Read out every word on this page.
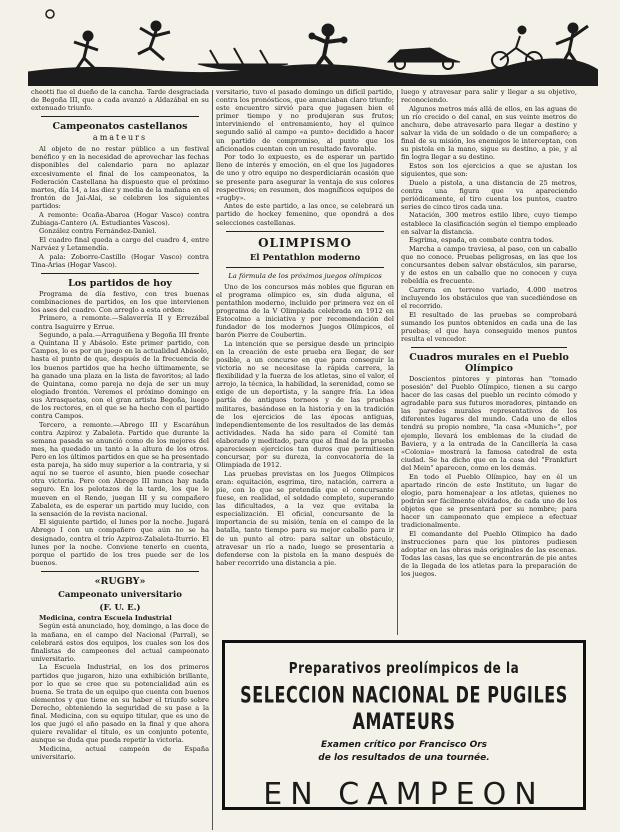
cheotti fue el dueño de la cancha. Tarde desgraciada de Begoña III, que a cada avanzó a Aldazábal en su extenuado triunfo.

Campeonatos castellanos
amateurs

Al objeto de no restar público a un festival benéfico y en la necesidad de aprovechar las fechas disponibles del calendario para no aplazar excesivamente el final de los campeonatos, la Federación Castellana ha dispuesto que el próximo martes, día 14, a las diez y media de la mañana en el frontón de Jai-Alai, se celebren los siguientes partidos:

A remonte: Ocaña-Abaroa (Hogar Vasco) contra Zubiaga-Cantero (A. Estudiantes Vascos).

González contra Fernández-Daniel.

El cuadro final queda a cargo del cuadro 4, entre Narváez y Letamendía.

A pala: Zoborre-Castillo (Hogar Vasco) contra Tina-Arias (Hogar Vasco).

Los partidos de hoy

Programa de día festivo, con tres buenas combinaciones de partidos, en los que intervienen los ases del cuadro. Con arreglo a esta orden:

Primero, a remonte.—Salaverría II y Errezábal contra Isaguirre y Errue.

Segundo, a pala.—Arraguiñena y Begoña III frente a Quintana II y Abásolo. Este primer partido, con Campos, lo es por un juego en la actualidad Abásolo, hasta el punto de que, después de la frecuencia de los buenos partidos que ha hecho últimamente, se ha ganado una plaza en la lista de favoritos; al lado de Quintana, como pareja no deja de ser un muy elogiado frontón. Veremos el próximo domingo en sus Arrasquetas, con el gran artista Begoña, luego de los rectores, en el que se ha hecho con el partido contra Campos.

Tercero, a remonte.—Abrego III y Escaráhun contra Azpiroz y Zabaleta. Partido que durante la semana pasada se anunció como de los mejores del mes, ha quedado un tanto a la altura de los otros. Pero en los últimos partidos en que se ha presentado esta pareja, ha sido muy superior a la contraria, y si aquí no se tuerce el asunto, bien puede cosechar otra victoria. Pero con Abrego III nunca hay nada seguro. En los pelotazos de la tarde, los que le mueven en el Rendo, juegan III y su compañero Zabaleta, es de esperar un partido muy lucido, con la sensación de la revista nacional.

El siguiente partido, el lunes por la noche. Jugará Abrego I con un compañero que aún no se ha designado, contra el trío Azpiroz-Zabaleta-Iturrio. El lunes por la noche. Conviene tenerlo en cuenta, porque el partido de los tres puede ser de los buenos.

«RUGBY»
Campeonato universitario
(F. U. E.)

Medicina, contra Escuela Industrial

Según está anunciado, hoy, domingo, a las doce de la mañana, en el campo del Nacional (Parral), se celebrará estos dos equipos, los cuales son los dos finalistas de campeones del actual campeonato universitario.

La Escuela Industrial, en los dos primeros partidos que jugaron, hizo una exhibición brillante, por lo que se cree que su potencialidad aún es buena. Se trata de un equipo que cuenta con buenos elementos y que tiene en su haber el triunfo sobre Derecho, obteniendo la seguridad de su pase a la final. Medicina, con su equipo titular, que es uno de los que jugó el año pasado en la final y que ahora quiere revalidar el título, es un conjunto potente, aunque se duda que pueda repetir la victoria.

Medicina, actual campeón de España universitario.

versitario, tuvo el pasado domingo un difícil partido, contra los pronósticos, que anunciaban claro triunfo; este encuentro sirvió para que jugasen bien el primer tiempo y no produjeran sus frutos; interviniendo el entrenamiento, hoy el quince segundo salió al campo «a punto» decidido a hacer un partido de compromiso, al punto que los aficionados cuentan con un resultado favorable.

Por todo lo expuesto, es de esperar un partido lleno de interés y emoción, en el que los jugadores de uno y otro equipo no desperdiciarán ocasión que se presente para asegurar la ventaja de sus colores respectivos; en resumen, dos magníficos equipos de «rugby».

Antes de este partido, a las once, se celebrará un partido de hockey femenino, que opondrá a dos selecciones castellanas.

OLIMPISMO
El Pentathlon moderno
La fórmula de los próximos juegos olímpicos

Uno de los concursos más nobles que figuran en el programa olímpico es, sin duda alguna, el pentathlon moderno, incluido por primera vez en el programa de la V Olimpiada celebrada en 1912 en Estocolmo a iniciativa y por recomendación del fundador de los modernos Juegos Olímpicos, el barón Pierre de Coubertin.

La intención que se persigue desde un principio en la creación de este prueba era llegar, de ser posible, a un concurso en que para conseguir la victoria no se necesitase la rápida carrera, la flexibilidad y la fuerza de los atletas, sino el valor, el arrojo, la técnica, la habilidad, la serenidad, como se exige de un deportista, y la sangre fría. La idea partía de antiguos torneos y de las pruebas militares, basándose en la historia y en la tradición de los ejercicios de las épocas antiguas, independientemente de los resultados de las demás actividades. Nada ha sido para el Comité tan elaborado y meditado, para que al final de la prueba apareciesen ejercicios tan duros que permitiesen concursar, por su dureza, la convocatoria de la Olimpiada de 1912.

Las pruebas previstas en los Juegos Olímpicos eran: equitación, esgrima, tiro, natación, carrera a pie, con lo que se pretendía que el concursante fuese, en realidad, el soldado completo, superando las dificultades, a la vez que evitaba la especialización. El oficial, concursante de la importancia de su misión, tenía en el campo de la batalla, tanto tiempo para su mejor caballo para ir de un punto al otro: para saltar un obstáculo, atravesar un río a nado, luego se presentaría a defenderse con la pistola en la mano después de haber recorrido una distancia a pie.

luego y atravesar para salir y llegar a su objetivo, reconociendo.

Algunos metros más allá de ellos, en las aguas de un río crecido o del canal, en sus veinte metros de anchura, debe atravesarlo para llegar a destino y salvar la vida de un soldado o de un compañero; a final de su misión, los enemigos le interceptan, con su pistola en la mano, sigue su destino, a pie, y al fin logra llegar a su destino.

Estos son los ejercicios a que se ajustan los siguientes, que son:

Duelo a pistola, a una distancia de 25 metros, contra una figura que va apareciendo periódicamente, el tiro cuenta los puntos, cuatro series de cinco tiros cada una.

Natación, 300 metros estilo libre, cuyo tiempo establece la clasificación según el tiempo empleado en salvar la distancia.

Esgrima, espada, en combate contra todos.

Marcha a campo traviesa, al paso, con un caballo que no conoce. Pruebas peligrosas, en las que los concursantes deben salvar obstáculos, sin pararse, y de estos en un caballo que no conocen y cuya rebeldía es frecuente.

Carrera en terreno variado, 4.000 metros incluyendo los obstáculos que van sucediéndose en el recorrido.

El resultado de las pruebas se comprobará sumando los puntos obtenidos en cada una de las pruebas; el que haya conseguido menos puntos resulta el vencedor.

Cuadros murales en el Pueblo Olímpico

Doscientos pintores y pintoras han "tomado posesión" del Pueblo Olímpico, tienen a su cargo hacer de las casas del pueblo un recinto cómodo y agradable para sus futuros moradores, pintando en las paredes murales representativos de los diferentes lugares del mundo. Cada uno de ellos tendrá su propio nombre, "la casa «Munich»", por ejemplo, llevará los emblemas de la ciudad de Baviera, y a la entrada de la Cancillería la casa «Colonia» mostrará la famosa catedral de esta ciudad. Se ha dicho que en la casa del "Frankfurt del Mein" aparecen, como en los demás.

En todo el Pueblo Olímpico, hay en él un apartado rincón de este Instituto, un lugar de elogio, para homenajear a los atletas, quienes no podrán ser fácilmente olvidados, de cada uno de los objetos que se presentará por su nombre; para hacer un campeonato que empiece a efectuar tradicionalmente.

El comandante del Pueblo Olímpico ha dado instrucciones para que los pintores pudiesen adoptar en las obras más originales de las escenas. Todas las casas, las que se encontrarán de pie antes de la llegada de los atletas para la preparación de los juegos.

Preparativos preolímpicos de la
SELECCION NACIONAL DE PUGILES AMATEURS
Examen crítico por Francisco Ors
de los resultados de una tournée.
EN CAMPEON
